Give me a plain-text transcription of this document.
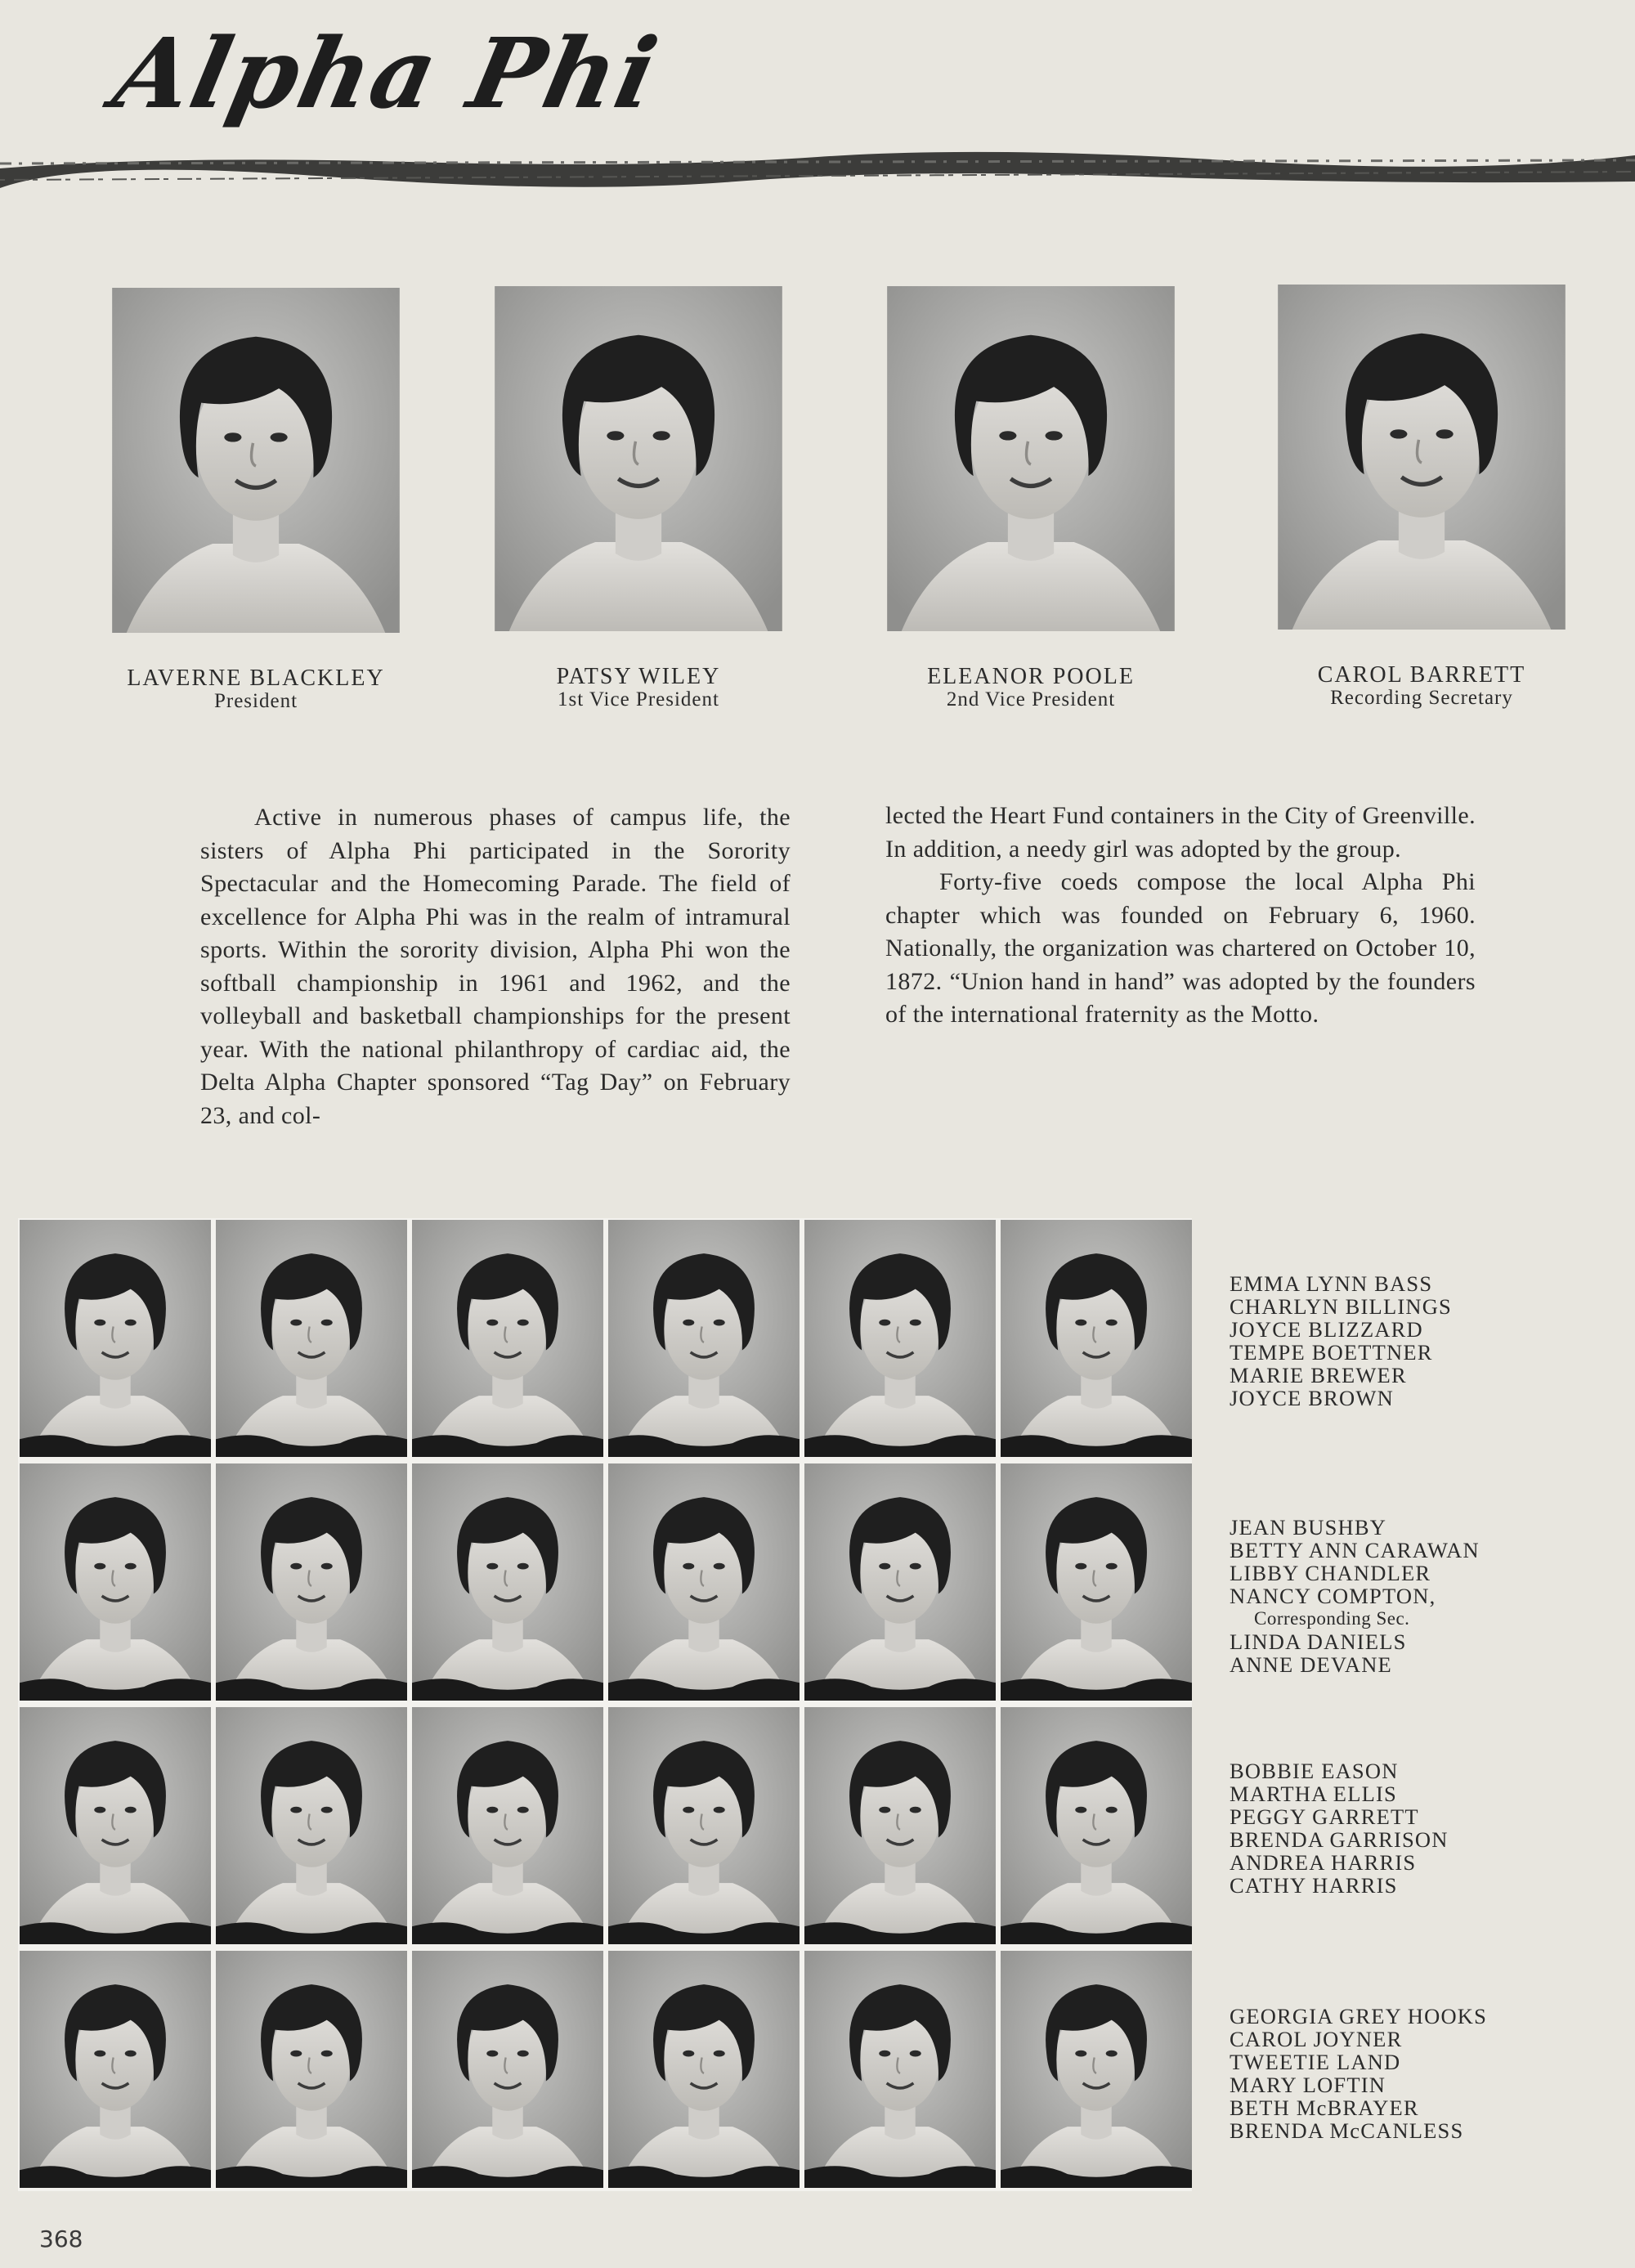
Alpha Phi
LAVERNE BLACKLEY
President
PATSY WILEY
1st Vice President
ELEANOR POOLE
2nd Vice President
CAROL BARRETT
Recording Secretary

Active in numerous phases of campus life, the sisters of Alpha Phi participated in the Sorority Spectacular and the Homecoming Parade. The field of excellence for Alpha Phi was in the realm of intramural sports. Within the sorority division, Alpha Phi won the softball championship in 1961 and 1962, and the volleyball and basketball championships for the present year. With the national philanthropy of cardiac aid, the Delta Alpha Chapter sponsored “Tag Day” on February 23, and col-

lected the Heart Fund containers in the City of Greenville. In addition, a needy girl was adopted by the group.

Forty-five coeds compose the local Alpha Phi chapter which was founded on February 6, 1960. Nationally, the organization was chartered on October 10, 1872. “Union hand in hand” was adopted by the founders of the international fraternity as the Motto.

EMMA LYNN BASS
CHARLYN BILLINGS
JOYCE BLIZZARD
TEMPE BOETTNER
MARIE BREWER
JOYCE BROWN
JEAN BUSHBY
BETTY ANN CARAWAN
LIBBY CHANDLER
NANCY COMPTON,
Corresponding Sec.
LINDA DANIELS
ANNE DEVANE
BOBBIE EASON
MARTHA ELLIS
PEGGY GARRETT
BRENDA GARRISON
ANDREA HARRIS
CATHY HARRIS
GEORGIA GREY HOOKS
CAROL JOYNER
TWEETIE LAND
MARY LOFTIN
BETH McBRAYER
BRENDA McCANLESS
368
